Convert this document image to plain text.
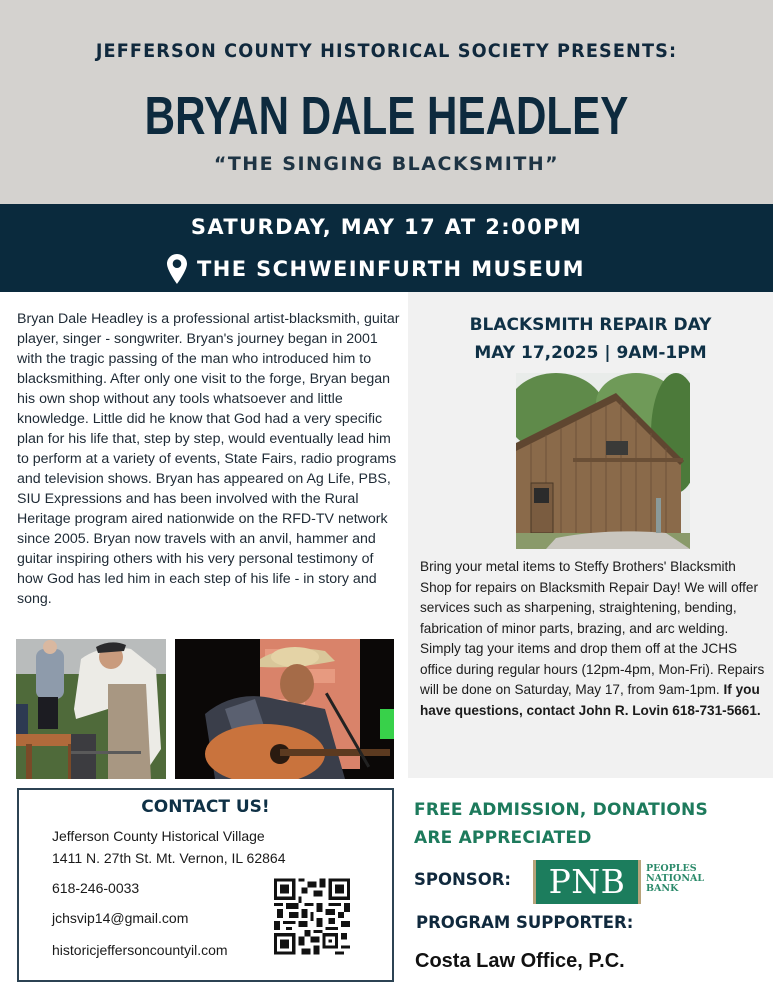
JEFFERSON COUNTY HISTORICAL SOCIETY PRESENTS:
BRYAN DALE HEADLEY
“THE SINGING BLACKSMITH”
SATURDAY, MAY 17 AT 2:00PM
THE SCHWEINFURTH MUSEUM
Bryan Dale Headley is a professional artist-blacksmith, guitar player, singer - songwriter. Bryan's journey began in 2001 with the tragic passing of the man who introduced him to blacksmithing. After only one visit to the forge, Bryan began his own shop without any tools whatsoever and little knowledge. Little did he know that God had a very specific plan for his life that, step by step, would eventually lead him to perform at a variety of events, State Fairs, radio programs and television shows. Bryan has appeared on Ag Life, PBS, SIU Expressions and has been involved with the Rural Heritage program aired nationwide on the RFD-TV network since 2005. Bryan now travels with an anvil, hammer and guitar inspiring others with his very personal testimony of how God has led him in each step of his life - in story and song.
BLACKSMITH REPAIR DAY
MAY 17,2025 | 9AM-1PM
Bring your metal items to Steffy Brothers' Blacksmith Shop for repairs on Blacksmith Repair Day! We will offer services such as sharpening, straightening, bending, fabrication of minor parts, brazing, and arc welding. Simply tag your items and drop them off at the JCHS office during regular hours (12pm-4pm, Mon-Fri). Repairs will be done on Saturday, May 17, from 9am-1pm. If you have questions, contact John R. Lovin 618-731-5661.
CONTACT US!
Jefferson County Historical Village
1411 N. 27th St. Mt. Vernon, IL 62864
618-246-0033
jchsvip14@gmail.com
historicjeffersoncountyil.com
FREE ADMISSION, DONATIONS
ARE APPRECIATED
SPONSOR: PNB PEOPLES
NATIONAL
BANK
PROGRAM SUPPORTER:
Costa Law Office, P.C.
